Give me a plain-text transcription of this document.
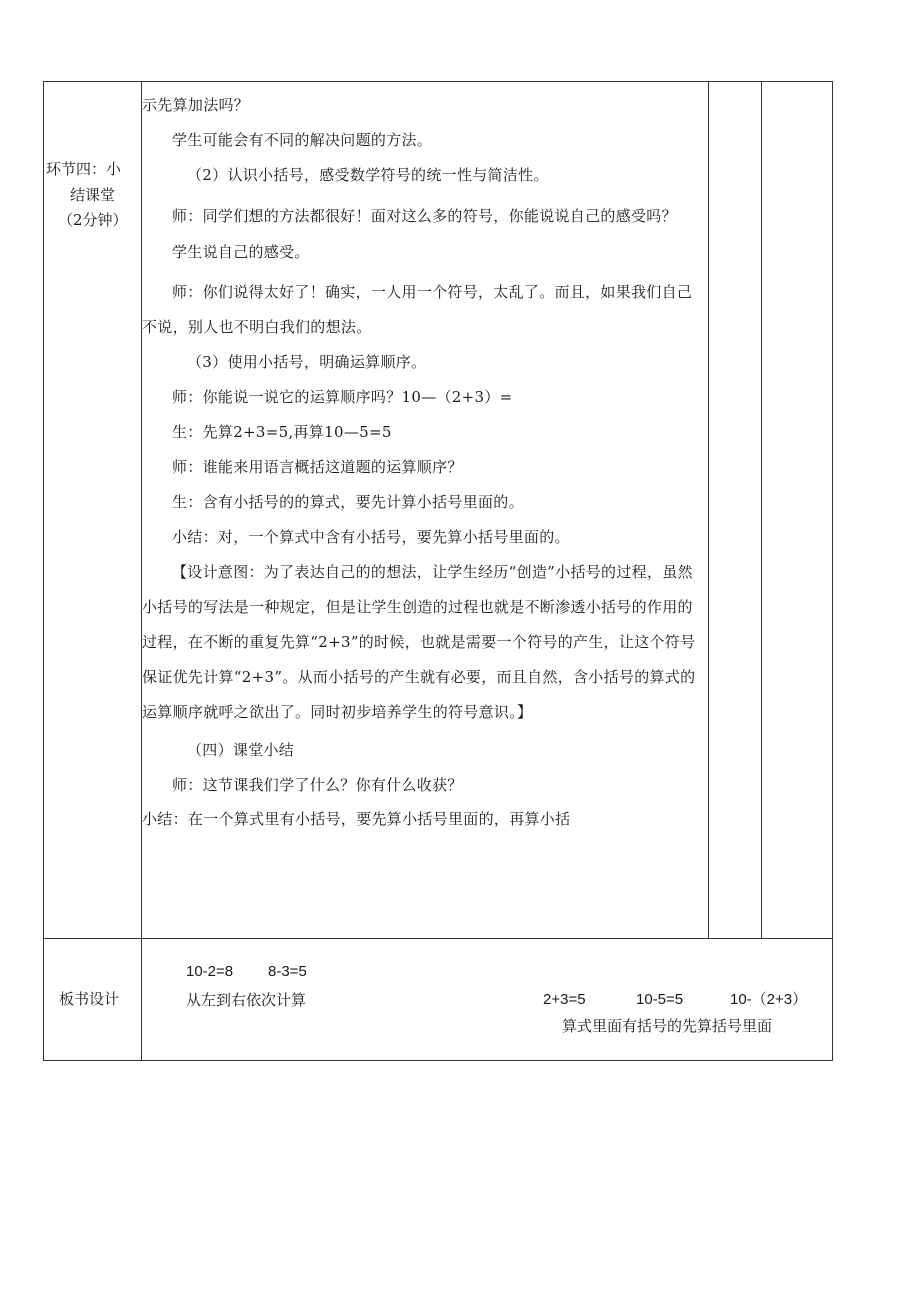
环节四：小
结课堂
（2分钟）

示先算加法吗？

学生可能会有不同的解决问题的方法。

（2）认识小括号，感受数学符号的统一性与简洁性。

师：同学们想的方法都很好！面对这么多的符号，你能说说自己的感受吗？

学生说自己的感受。

师：你们说得太好了！确实，一人用一个符号，太乱了。而且，如果我们自己不说，别人也不明白我们的想法。

（3）使用小括号，明确运算顺序。

师：你能说一说它的运算顺序吗？10—（2+3）=

生：先算2+3=5,再算10—5=5

师：谁能来用语言概括这道题的运算顺序？

生：含有小括号的的算式，要先计算小括号里面的。

小结：对，一个算式中含有小括号，要先算小括号里面的。

【设计意图：为了表达自己的的想法，让学生经历“创造”小括号的过程，虽然小括号的写法是一种规定，但是让学生创造的过程也就是不断渗透小括号的作用的过程，在不断的重复先算“2+3”的时候，也就是需要一个符号的产生，让这个符号保证优先计算“2+3”。从而小括号的产生就有必要，而且自然，含小括号的算式的运算顺序就呼之欲出了。同时初步培养学生的符号意识。】

（四）课堂小结

师：这节课我们学了什么？你有什么收获？

小结：在一个算式里有小括号，要先算小括号里面的，再算小括

板书设计
10-2=8 8-3=5
从左到右依次计算	2+3=5	10-5=5	10-（2+3）
算式里面有括号的先算括号里面
